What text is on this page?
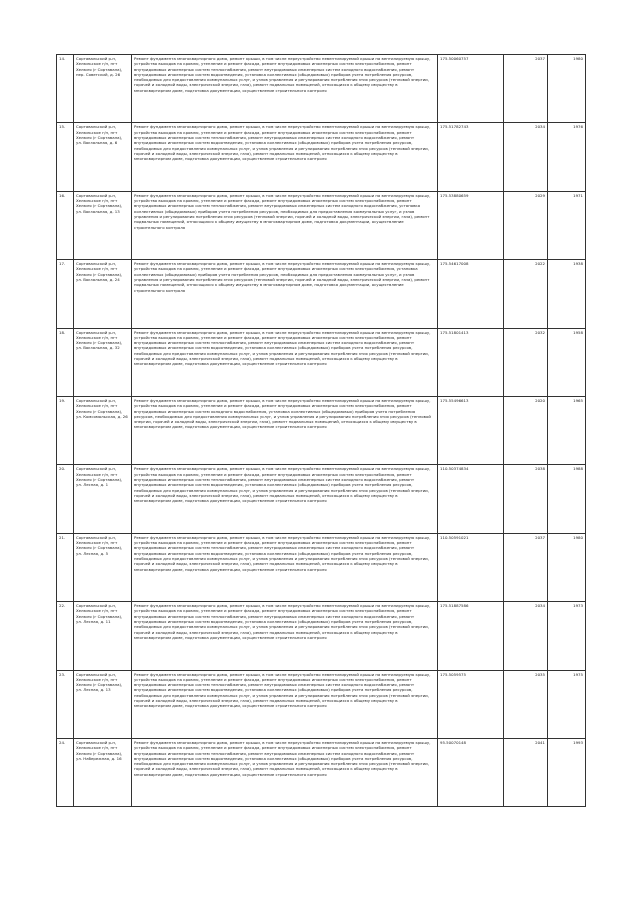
14.	Сортавальский р-н, Хелюльское г/п, пгт Хелюля (г Сортавала), пер. Советский, д. 26	Ремонт фундамента многоквартирного дома, ремонт крыши, в том числе переустройство невентилируемой крыши на вентилируемую крышу, устройство выходов на кровлю, утепление и ремонт фасада, ремонт внутридомовых инженерных систем электроснабжения, ремонт внутридомовых инженерных систем теплоснабжения, ремонт внутридомовых инженерных систем холодного водоснабжения, ремонт внутридомовых инженерных систем водоотведения, установка коллективных (общедомовых) приборов учета потребления ресурсов, необходимых для предоставления коммунальных услуг, и узлов управления и регулирования потребления этих ресурсов (тепловой энергии, горячей и холодной воды, электрической энергии, газа), ремонт подвальных помещений, относящихся к общему имуществу в многоквартирном доме, подготовка документации, осуществление строительного контроля	175.50060757	2037	1980
15.	Сортавальский р-н, Хелюльское г/п, пгт Хелюля (г Сортавала), ул. Вокзальная, д. 6	Ремонт фундамента многоквартирного дома, ремонт крыши, в том числе переустройство невентилируемой крыши на вентилируемую крышу, устройство выходов на кровлю, утепление и ремонт фасада, ремонт внутридомовых инженерных систем электроснабжения, ремонт внутридомовых инженерных систем теплоснабжения, ремонт внутридомовых инженерных систем холодного водоснабжения, ремонт внутридомовых инженерных систем водоотведения, установка коллективных (общедомовых) приборов учета потребления ресурсов, необходимых для предоставления коммунальных услуг, и узлов управления и регулирования потребления этих ресурсов (тепловой энергии, горячей и холодной воды, электрической энергии, газа), ремонт подвальных помещений, относящихся к общему имуществу в многоквартирном доме, подготовка документации, осуществление строительного контроля	175.51782743	2034	1976
16.	Сортавальский р-н, Хелюльское г/п, пгт Хелюля (г Сортавала), ул. Вокзальная, д. 13	Ремонт фундамента многоквартирного дома, ремонт крыши, в том числе переустройство невентилируемой крыши на вентилируемую крышу, устройство выходов на кровлю, утепление и ремонт фасада, ремонт внутридомовых инженерных систем электроснабжения, ремонт внутридомовых инженерных систем теплоснабжения, ремонт внутридомовых инженерных систем холодного водоснабжения, установка коллективных (общедомовых) приборов учета потребления ресурсов, необходимых для предоставления коммунальных услуг, и узлов управления и регулирования потребления этих ресурсов (тепловой энергии, горячей и холодной воды, электрической энергии, газа), ремонт подвальных помещений, относящихся к общему имуществу в многоквартирном доме, подготовка документации, осуществление строительного контроля	175.53880659	2029	1971
17.	Сортавальский р-н, Хелюльское г/п, пгт Хелюля (г Сортавала), ул. Вокзальная, д. 24	Ремонт фундамента многоквартирного дома, ремонт крыши, в том числе переустройство невентилируемой крыши на вентилируемую крышу, устройство выходов на кровлю, утепление и ремонт фасада, ремонт внутридомовых инженерных систем электроснабжения, установка коллективных (общедомовых) приборов учета потребления ресурсов, необходимых для предоставления коммунальных услуг, и узлов управления и регулирования потребления этих ресурсов (тепловой энергии, горячей и холодной воды, электрической энергии, газа), ремонт подвальных помещений, относящихся к общему имуществу в многоквартирном доме, подготовка документации, осуществление строительного контроля	175.54617008	2022	1938
18.	Сортавальский р-н, Хелюльское г/п, пгт Хелюля (г Сортавала), ул. Вокзальная, д. 32	Ремонт фундамента многоквартирного дома, ремонт крыши, в том числе переустройство невентилируемой крыши на вентилируемую крышу, устройство выходов на кровлю, утепление и ремонт фасада, ремонт внутридомовых инженерных систем электроснабжения, ремонт внутридомовых инженерных систем теплоснабжения, ремонт внутридомовых инженерных систем холодного водоснабжения, ремонт внутридомовых инженерных систем водоотведения, установка коллективных (общедомовых) приборов учета потребления ресурсов, необходимых для предоставления коммунальных услуг, и узлов управления и регулирования потребления этих ресурсов (тепловой энергии, горячей и холодной воды, электрической энергии, газа), ремонт подвальных помещений, относящихся к общему имуществу в многоквартирном доме, подготовка документации, осуществление строительного контроля	175.51801413	2032	1958
19.	Сортавальский р-н, Хелюльское г/п, пгт Хелюля (г Сортавала), ул. Комсомольская, д. 26	Ремонт фундамента многоквартирного дома, ремонт крыши, в том числе переустройство невентилируемой крыши на вентилируемую крышу, устройство выходов на кровлю, утепление и ремонт фасада, ремонт внутридомовых инженерных систем электроснабжения, ремонт внутридомовых инженерных систем холодного водоснабжения, установка коллективных (общедомовых) приборов учета потребления ресурсов, необходимых для предоставления коммунальных услуг, и узлов управления и регулирования потребления этих ресурсов (тепловой энергии, горячей и холодной воды, электрической энергии, газа), ремонт подвальных помещений, относящихся к общему имуществу в многоквартирном доме, подготовка документации, осуществление строительного контроля	175.55496613	2020	1965
20.	Сортавальский р-н, Хелюльское г/п, пгт Хелюля (г Сортавала), ул. Лесная, д. 1	Ремонт фундамента многоквартирного дома, ремонт крыши, в том числе переустройство невентилируемой крыши на вентилируемую крышу, устройство выходов на кровлю, утепление и ремонт фасада, ремонт внутридомовых инженерных систем электроснабжения, ремонт внутридомовых инженерных систем теплоснабжения, ремонт внутридомовых инженерных систем холодного водоснабжения, ремонт внутридомовых инженерных систем водоотведения, установка коллективных (общедомовых) приборов учета потребления ресурсов, необходимых для предоставления коммунальных услуг, и узлов управления и регулирования потребления этих ресурсов (тепловой энергии, горячей и холодной воды, электрической энергии, газа), ремонт подвальных помещений, относящихся к общему имуществу в многоквартирном доме, подготовка документации, осуществление строительного контроля	110.50374834	2038	1988
21.	Сортавальский р-н, Хелюльское г/п, пгт Хелюля (г Сортавала), ул. Лесная, д. 5	Ремонт фундамента многоквартирного дома, ремонт крыши, в том числе переустройство невентилируемой крыши на вентилируемую крышу, устройство выходов на кровлю, утепление и ремонт фасада, ремонт внутридомовых инженерных систем электроснабжения, ремонт внутридомовых инженерных систем теплоснабжения, ремонт внутридомовых инженерных систем холодного водоснабжения, ремонт внутридомовых инженерных систем водоотведения, установка коллективных (общедомовых) приборов учета потребления ресурсов, необходимых для предоставления коммунальных услуг, и узлов управления и регулирования потребления этих ресурсов (тепловой энергии, горячей и холодной воды, электрической энергии, газа), ремонт подвальных помещений, относящихся к общему имуществу в многоквартирном доме, подготовка документации, осуществление строительного контроля	110.50591021	2037	1980
22.	Сортавальский р-н, Хелюльское г/п, пгт Хелюля (г Сортавала), ул. Лесная, д. 11	Ремонт фундамента многоквартирного дома, ремонт крыши, в том числе переустройство невентилируемой крыши на вентилируемую крышу, устройство выходов на кровлю, утепление и ремонт фасада, ремонт внутридомовых инженерных систем электроснабжения, ремонт внутридомовых инженерных систем теплоснабжения, ремонт внутридомовых инженерных систем холодного водоснабжения, ремонт внутридомовых инженерных систем водоотведения, установка коллективных (общедомовых) приборов учета потребления ресурсов, необходимых для предоставления коммунальных услуг, и узлов управления и регулирования потребления этих ресурсов (тепловой энергии, горячей и холодной воды, электрической энергии, газа), ремонт подвальных помещений, относящихся к общему имуществу в многоквартирном доме, подготовка документации, осуществление строительного контроля	175.51887586	2034	1973
23.	Сортавальский р-н, Хелюльское г/п, пгт Хелюля (г Сортавала), ул. Лесная, д. 13	Ремонт фундамента многоквартирного дома, ремонт крыши, в том числе переустройство невентилируемой крыши на вентилируемую крышу, устройство выходов на кровлю, утепление и ремонт фасада, ремонт внутридомовых инженерных систем электроснабжения, ремонт внутридомовых инженерных систем теплоснабжения, ремонт внутридомовых инженерных систем холодного водоснабжения, ремонт внутридомовых инженерных систем водоотведения, установка коллективных (общедомовых) приборов учета потребления ресурсов, необходимых для предоставления коммунальных услуг, и узлов управления и регулирования потребления этих ресурсов (тепловой энергии, горячей и холодной воды, электрической энергии, газа), ремонт подвальных помещений, относящихся к общему имуществу в многоквартирном доме, подготовка документации, осуществление строительного контроля	175.5059575	2035	1975
24.	Сортавальский р-н, Хелюльское г/п, пгт Хелюля (г Сортавала), ул. Набережная, д. 16	Ремонт фундамента многоквартирного дома, ремонт крыши, в том числе переустройство невентилируемой крыши на вентилируемую крышу, устройство выходов на кровлю, утепление и ремонт фасада, ремонт внутридомовых инженерных систем электроснабжения, ремонт внутридомовых инженерных систем теплоснабжения, ремонт внутридомовых инженерных систем холодного водоснабжения, ремонт внутридомовых инженерных систем водоотведения, установка коллективных (общедомовых) приборов учета потребления ресурсов, необходимых для предоставления коммунальных услуг, и узлов управления и регулирования потребления этих ресурсов (тепловой энергии, горячей и холодной воды, электрической энергии, газа), ремонт подвальных помещений, относящихся к общему имуществу в многоквартирном доме, подготовка документации, осуществление строительного контроля	95.50070148	2041	1993
